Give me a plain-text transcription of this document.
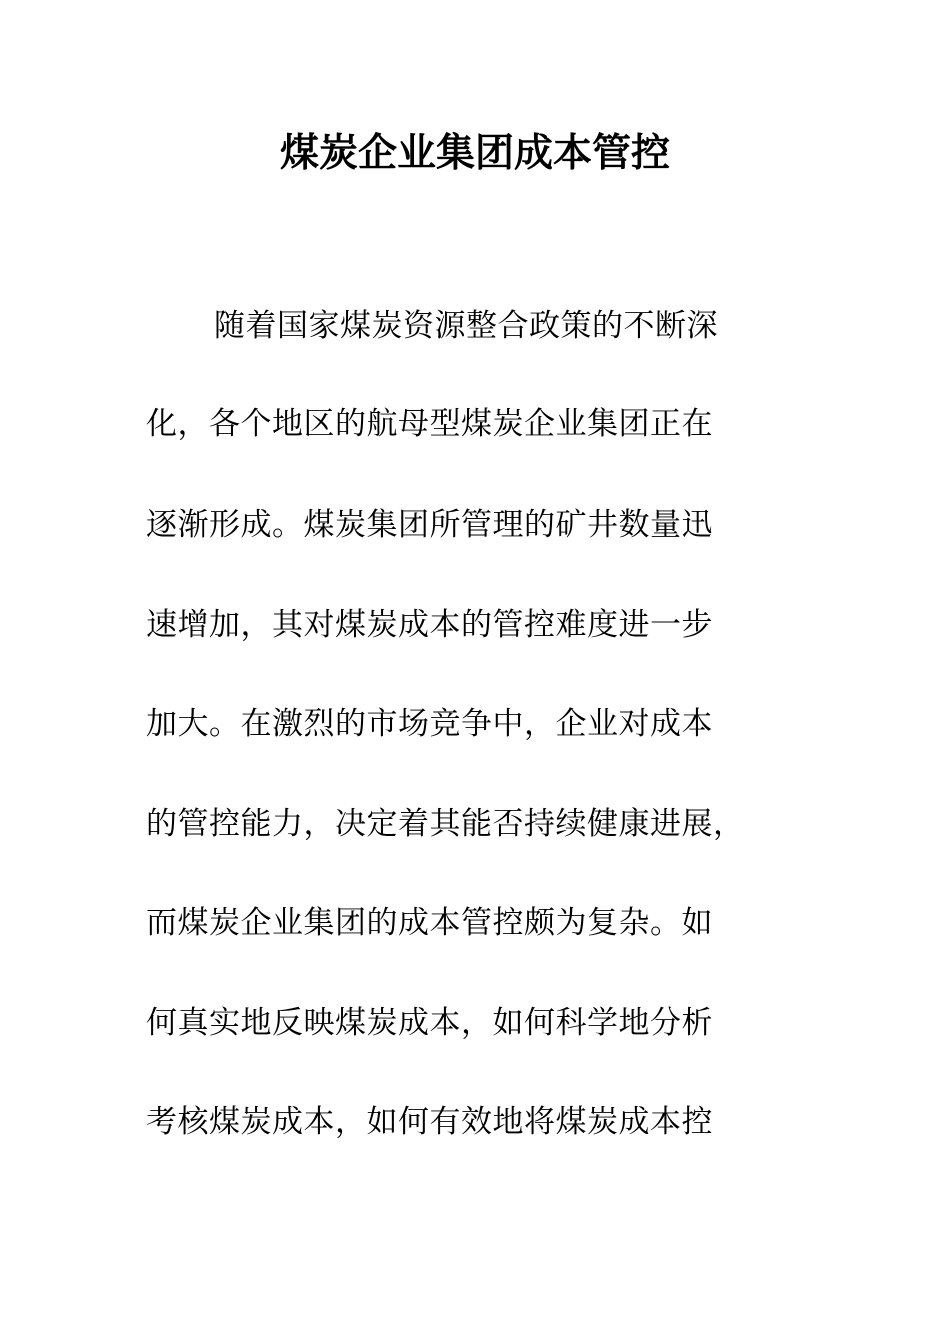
煤炭企业集团成本管控
随着国家煤炭资源整合政策的不断深
化，各个地区的航母型煤炭企业集团正在
逐渐形成。煤炭集团所管理的矿井数量迅
速增加，其对煤炭成本的管控难度进一步
加大。在激烈的市场竞争中，企业对成本
的管控能力，决定着其能否持续健康进展，
而煤炭企业集团的成本管控颇为复杂。如
何真实地反映煤炭成本，如何科学地分析
考核煤炭成本，如何有效地将煤炭成本控
